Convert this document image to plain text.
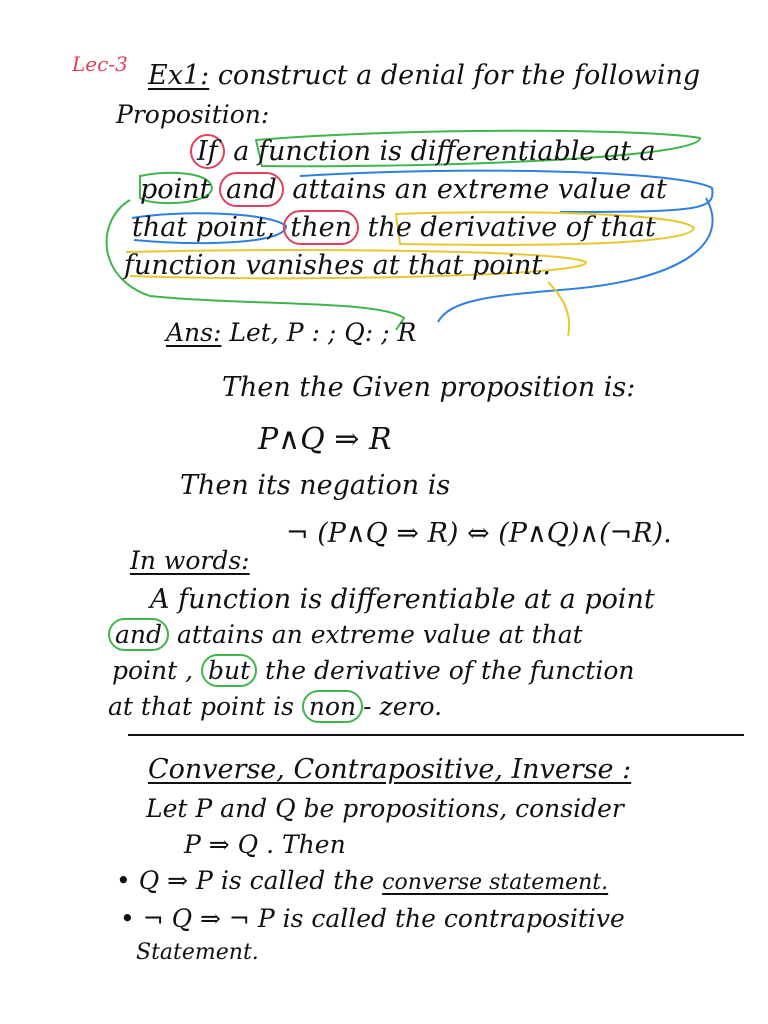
Lec-3 Ex1: construct a denial for the following
Proposition:
If a function is differentiable at a
point and attains an extreme value at
that point, then the derivative of that
function vanishes at that point.
Ans: Let, P : ; Q: ; R
Then the Given proposition is:
P∧Q ⇒ R
Then its negation is
¬ (P∧Q ⇒ R) ⇔ (P∧Q)∧(¬R).
In words:
A function is differentiable at a point
and attains an extreme value at that
point , but the derivative of the function
at that point is non - zero.
Converse, Contrapositive, Inverse :
Let P and Q be propositions, consider
P ⇒ Q . Then
• Q ⇒ P is called the converse statement.
• ¬ Q ⇒ ¬ P is called the contrapositive
Statement.
